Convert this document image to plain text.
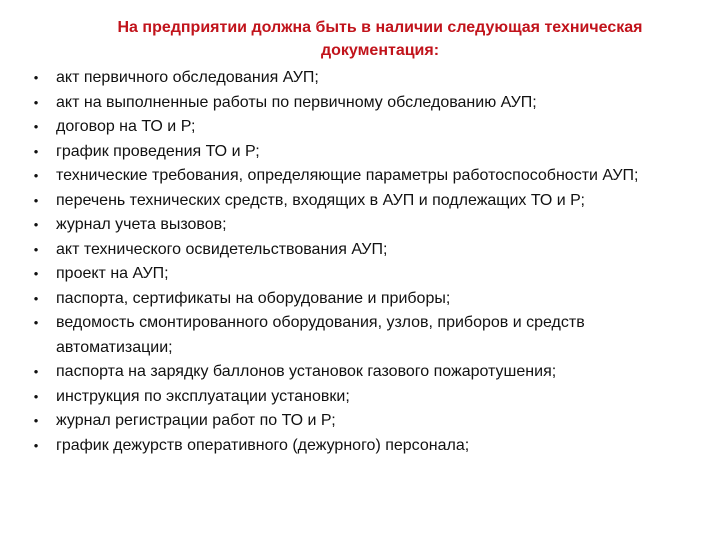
На предприятии должна быть в наличии следующая техническая
документация:
• акт первичного обследования АУП;
• акт на выполненные работы по первичному обследованию АУП;
• договор на ТО и Р;
• график проведения ТО и Р;
• технические требования, определяющие параметры работоспособности АУП;
• перечень технических средств, входящих в АУП и подлежащих ТО и Р;
• журнал учета вызовов;
• акт технического освидетельствования АУП;
• проект на АУП;
• паспорта, сертификаты на оборудование и приборы;
• ведомость смонтированного оборудования, узлов, приборов и средств автоматизации;
• паспорта на зарядку баллонов установок газового пожаротушения;
• инструкция по эксплуатации установки;
• журнал регистрации работ по ТО и Р;
• график дежурств оперативного (дежурного) персонала;
